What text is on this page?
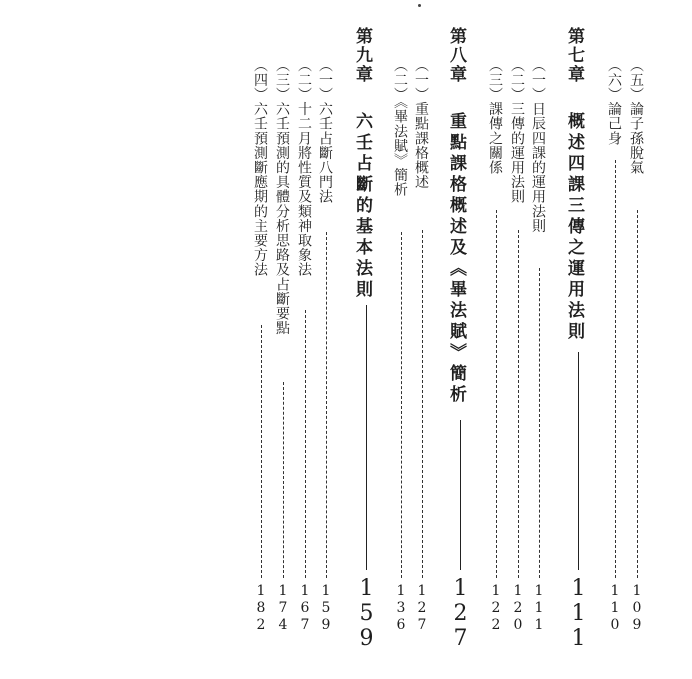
（五）論子孫脫氣
109
（六）論己身
110
第七章
概述四課三傳之運用法則
111
（一）日辰四課的運用法則
111
（二）三傳的運用法則
120
（三）課傳之關係
122
第八章
重點課格概述及《畢法賦》簡析
127
（一）重點課格概述
127
（二）《畢法賦》簡析
136
第九章
六壬占斷的基本法則
159
（一）六壬占斷八門法
159
（二）十二月將性質及類神取象法
167
（三）六壬預測的具體分析思路及占斷要點
174
（四）六壬預測斷應期的主要方法
182
